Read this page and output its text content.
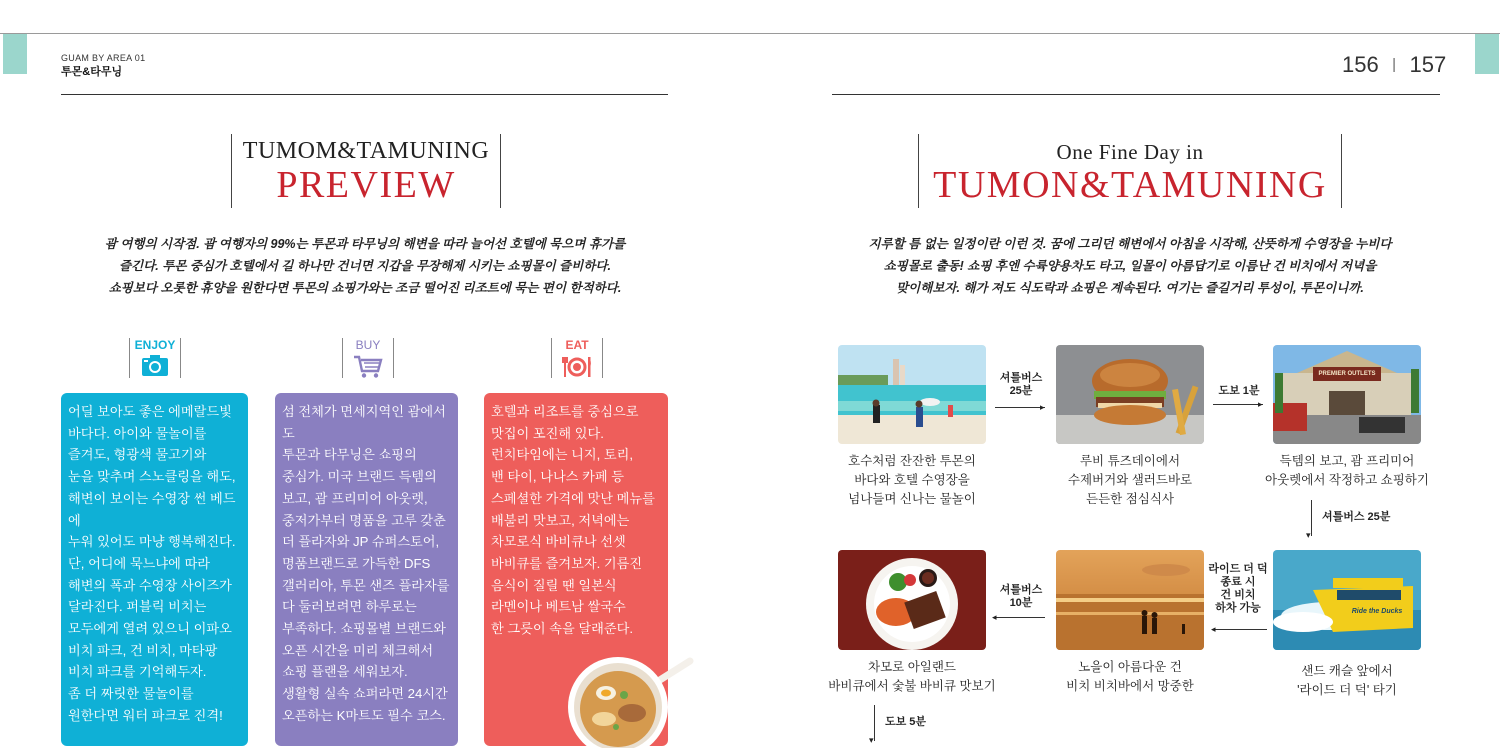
GUAM BY AREA 01
투몬&타무닝
TUMOM&TAMUNING
PREVIEW
괌 여행의 시작점. 괌 여행자의 99%는 투몬과 타무닝의 해변을 따라 늘어선 호텔에 묵으며 휴가를
즐긴다. 투몬 중심가 호텔에서 길 하나만 건너면 지갑을 무장해제 시키는 쇼핑몰이 즐비하다.
쇼핑보다 오롯한 휴양을 원한다면 투몬의 쇼핑가와는 조금 떨어진 리조트에 묵는 편이 한적하다.
ENJOY	BUY	EAT

어딜 보아도 좋은 에메랄드빛

바다다. 아이와 물놀이를

즐겨도, 형광색 물고기와

눈을 맞추며 스노클링을 해도,

해변이 보이는 수영장 썬 베드에

누워 있어도 마냥 행복해진다.

단, 어디에 묵느냐에 따라

해변의 폭과 수영장 사이즈가

달라진다. 퍼블릭 비치는

모두에게 열려 있으니 이파오

비치 파크, 건 비치, 마타팡

비치 파크를 기억해두자.

좀 더 짜릿한 물놀이를

원한다면 워터 파크로 진격!

섬 전체가 면세지역인 괌에서도

투몬과 타무닝은 쇼핑의

중심가. 미국 브랜드 득템의

보고, 괌 프리미어 아웃렛,

중저가부터 명품을 고루 갖춘

더 플라자와 JP 슈퍼스토어,

명품브랜드로 가득한 DFS

갤러리아, 투몬 샌즈 플라자를

다 둘러보려면 하루로는

부족하다. 쇼핑몰별 브랜드와

오픈 시간을 미리 체크해서

쇼핑 플랜을 세워보자.

생활형 실속 쇼퍼라면 24시간

오픈하는 K마트도 필수 코스.

호텔과 리조트를 중심으로

맛집이 포진해 있다.

런치타임에는 니지, 토리,

밴 타이, 나나스 카페 등

스페셜한 가격에 맛난 메뉴를

배불리 맛보고, 저녁에는

차모로식 바비큐나 선셋

바비큐를 즐겨보자. 기름진

음식이 질릴 땐 일본식

라멘이나 베트남 쌀국수

한 그릇이 속을 달래준다.

156 | 157
One Fine Day in
TUMON&TAMUNING
지루할 틈 없는 일정이란 이런 것. 꿈에 그리던 해변에서 아침을 시작해, 산뜻하게 수영장을 누비다
쇼핑몰로 출동! 쇼핑 후엔 수륙양용차도 타고, 일몰이 아름답기로 이름난 건 비치에서 저녁을
맞이해보자. 해가 져도 식도락과 쇼핑은 계속된다. 여기는 즐길거리 투성이, 투몬이니까.
PREMIER OUTLETS
호수처럼 잔잔한 투몬의
바다와 호텔 수영장을
넘나들며 신나는 물놀이
루비 튜즈데이에서
수제버거와 샐러드바로
든든한 점심식사
득템의 보고, 괌 프리미어
아웃렛에서 작정하고 쇼핑하기
셔틀버스
25분
▸
도보 1분
▸
▾
셔틀버스 25분
Ride the Ducks
라이드 더 덕
종료 시
건 비치
하차 가능
◂
셔틀버스
10분
◂
차모로 아일랜드
바비큐에서 숯불 바비큐 맛보기
노을이 아름다운 건
비치 비치바에서 망중한
샌드 캐슬 앞에서
'라이드 더 덕' 타기
▾
도보 5분
